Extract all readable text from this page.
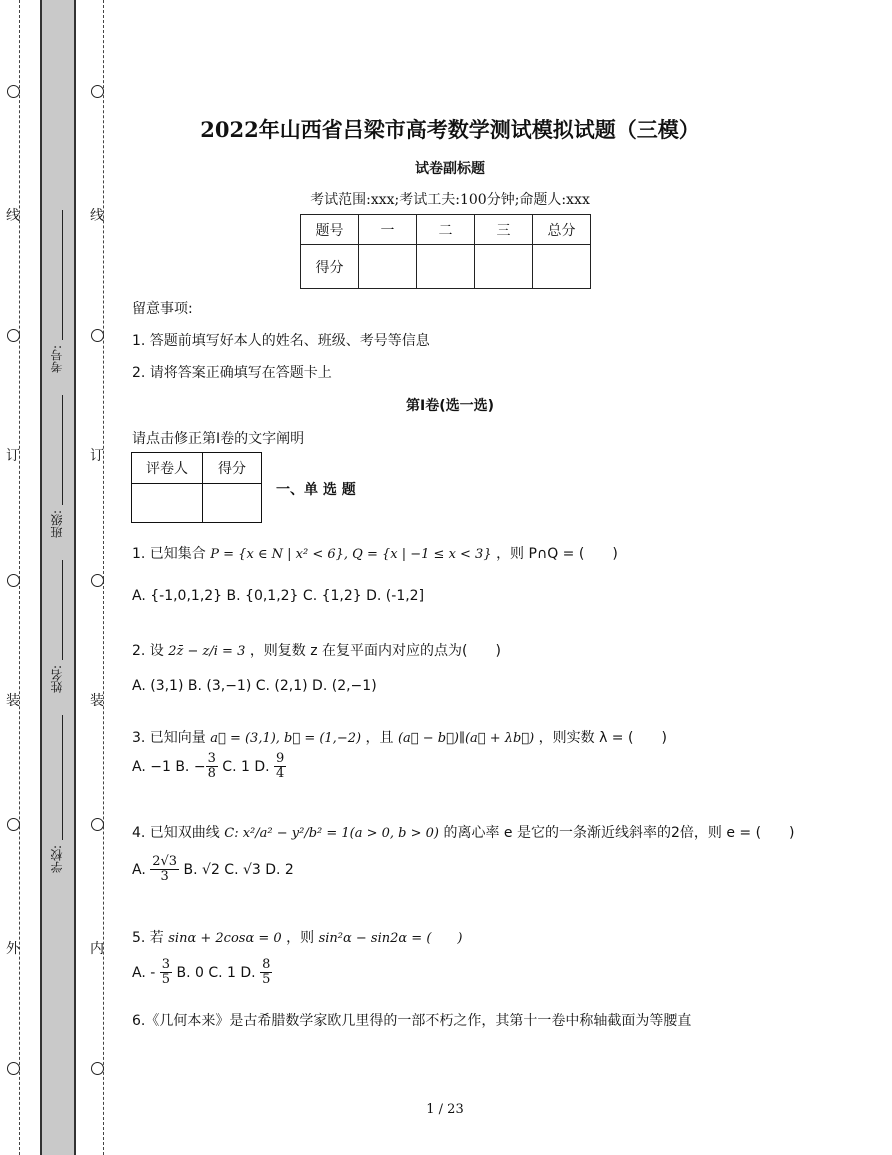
线
订
装
外
线
订
装
内
考号:
班级:
姓名:
学校:
2022年山西省吕梁市高考数学测试模拟试题（三模）
试卷副标题
考试范围:xxx;考试工夫:100分钟;命题人:xxx
题号	一	二	三	总分
得分				
留意事项:
1. 答题前填写好本人的姓名、班级、考号等信息
2. 请将答案正确填写在答题卡上
第I卷(选一选)
请点击修正第I卷的文字阐明
评卷人	得分

一、单 选 题
1. 已知集合 P = {x ∈ N | x² < 6}, Q = {x | −1 ≤ x < 3} ，则 P∩Q = (　　)
A. {-1,0,1,2} B. {0,1,2} C. {1,2} D. (-1,2]
2. 设 2z̄ − z/i = 3 ，则复数 z 在复平面内对应的点为(　　)
A. (3,1) B. (3,−1) C. (2,1) D. (2,−1)
3. 已知向量 a⃗ = (3,1), b⃗ = (1,−2) ，且 (a⃗ − b⃗)∥(a⃗ + λb⃗) ，则实数 λ = (　　)
A. −1 B. − $\frac{3}{8} C$. 1 D. $\frac{9}{4}$
4. 已知双曲线 C: x²/a² − y²/b² = 1(a > 0, b > 0) 的离心率 e 是它的一条渐近线斜率的2倍，则 e = (　　)
A. $\frac{2√3}{3} B$. √2 C. √3 D. 2
5. 若 sinα + 2cosα = 0 ，则 sin²α − sin2α = (　　)
A. - $\frac{3}{5} B$. 0 C. 1 D. $\frac{8}{5}$
6.《几何本来》是古希腊数学家欧几里得的一部不朽之作，其第十一卷中称轴截面为等腰直
1 / 23
